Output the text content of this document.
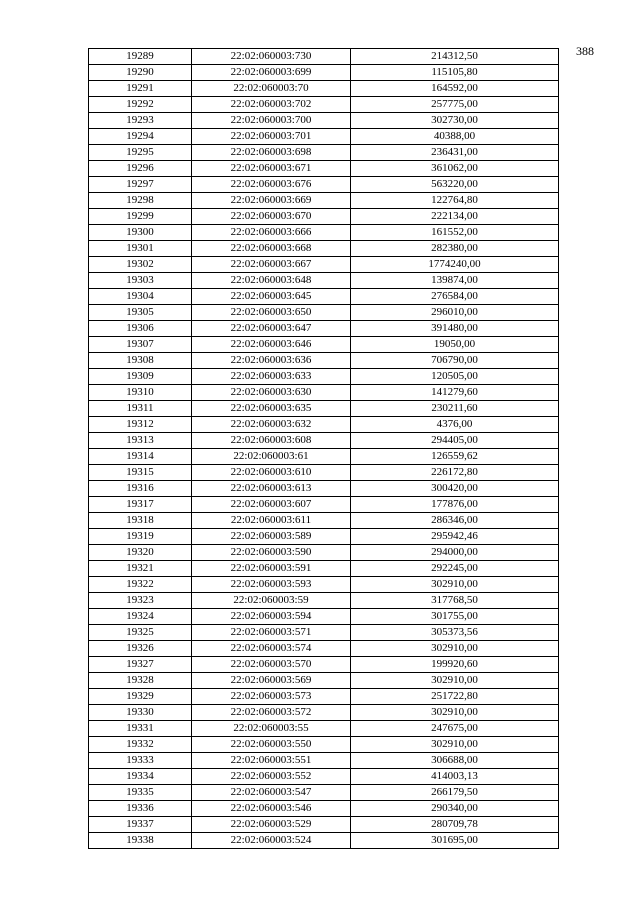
388
19289	22:02:060003:730	214312,50
19290	22:02:060003:699	115105,80
19291	22:02:060003:70	164592,00
19292	22:02:060003:702	257775,00
19293	22:02:060003:700	302730,00
19294	22:02:060003:701	40388,00
19295	22:02:060003:698	236431,00
19296	22:02:060003:671	361062,00
19297	22:02:060003:676	563220,00
19298	22:02:060003:669	122764,80
19299	22:02:060003:670	222134,00
19300	22:02:060003:666	161552,00
19301	22:02:060003:668	282380,00
19302	22:02:060003:667	1774240,00
19303	22:02:060003:648	139874,00
19304	22:02:060003:645	276584,00
19305	22:02:060003:650	296010,00
19306	22:02:060003:647	391480,00
19307	22:02:060003:646	19050,00
19308	22:02:060003:636	706790,00
19309	22:02:060003:633	120505,00
19310	22:02:060003:630	141279,60
19311	22:02:060003:635	230211,60
19312	22:02:060003:632	4376,00
19313	22:02:060003:608	294405,00
19314	22:02:060003:61	126559,62
19315	22:02:060003:610	226172,80
19316	22:02:060003:613	300420,00
19317	22:02:060003:607	177876,00
19318	22:02:060003:611	286346,00
19319	22:02:060003:589	295942,46
19320	22:02:060003:590	294000,00
19321	22:02:060003:591	292245,00
19322	22:02:060003:593	302910,00
19323	22:02:060003:59	317768,50
19324	22:02:060003:594	301755,00
19325	22:02:060003:571	305373,56
19326	22:02:060003:574	302910,00
19327	22:02:060003:570	199920,60
19328	22:02:060003:569	302910,00
19329	22:02:060003:573	251722,80
19330	22:02:060003:572	302910,00
19331	22:02:060003:55	247675,00
19332	22:02:060003:550	302910,00
19333	22:02:060003:551	306688,00
19334	22:02:060003:552	414003,13
19335	22:02:060003:547	266179,50
19336	22:02:060003:546	290340,00
19337	22:02:060003:529	280709,78
19338	22:02:060003:524	301695,00
